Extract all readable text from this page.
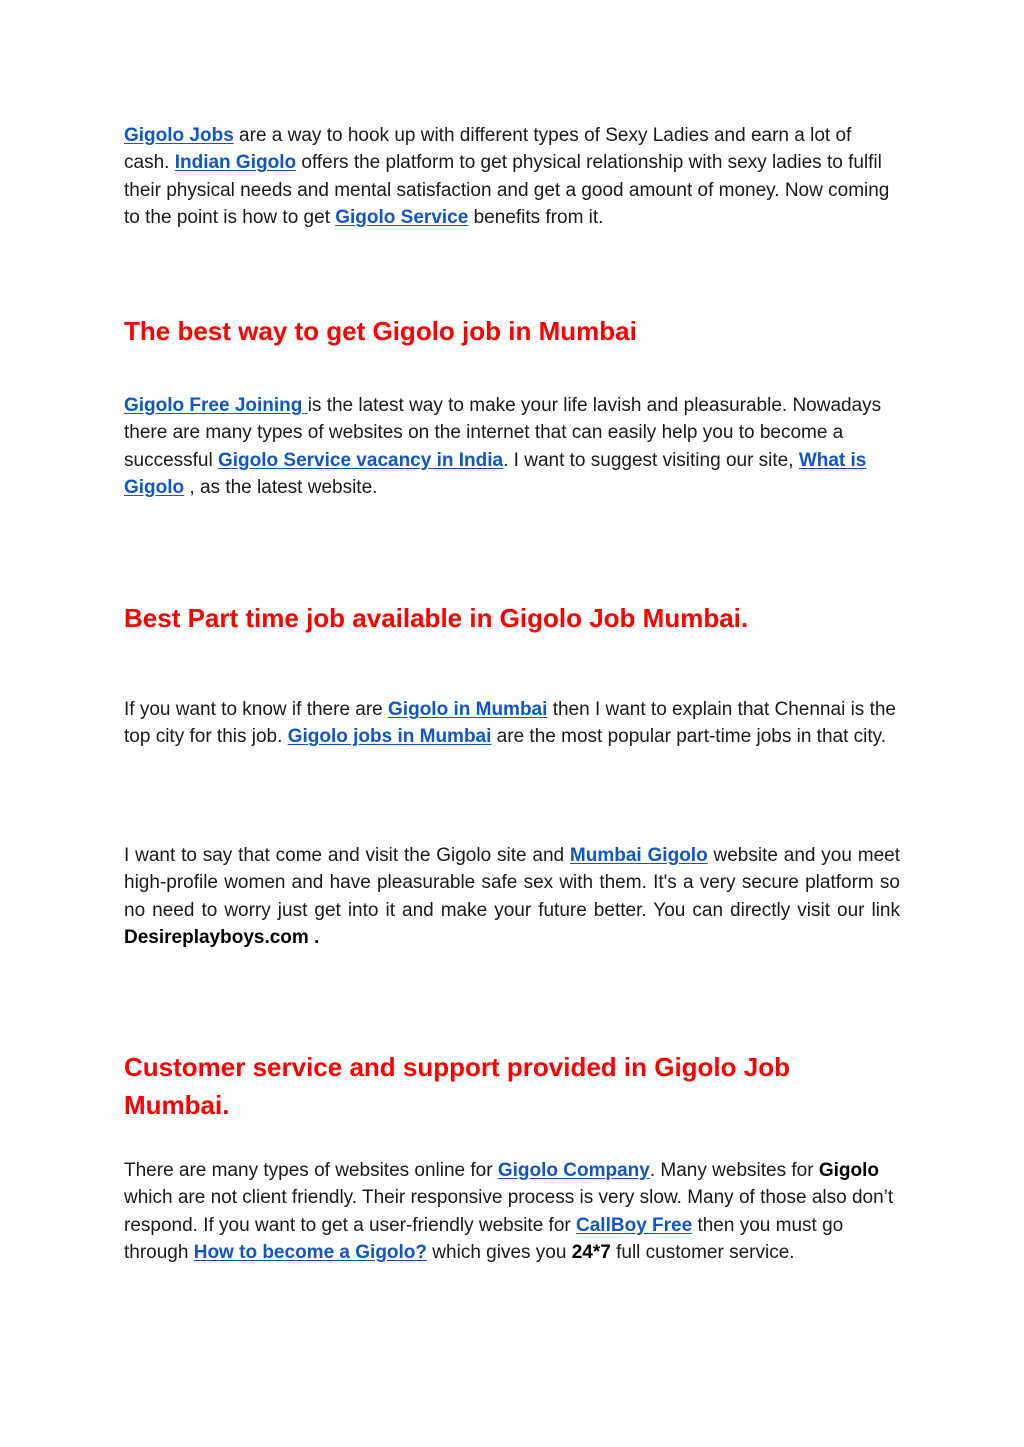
Gigolo Jobs are a way to hook up with different types of Sexy Ladies and earn a lot of cash. Indian Gigolo offers the platform to get physical relationship with sexy ladies to fulfil their physical needs and mental satisfaction and get a good amount of money. Now coming to the point is how to get Gigolo Service benefits from it.

The best way to get Gigolo job in Mumbai

Gigolo Free Joining is the latest way to make your life lavish and pleasurable. Nowadays there are many types of websites on the internet that can easily help you to become a successful Gigolo Service vacancy in India. I want to suggest visiting our site, What is Gigolo , as the latest website.

Best Part time job available in Gigolo Job Mumbai.

If you want to know if there are Gigolo in Mumbai then I want to explain that Chennai is the top city for this job. Gigolo jobs in Mumbai are the most popular part-time jobs in that city.

I want to say that come and visit the Gigolo site and Mumbai Gigolo website and you meet high-profile women and have pleasurable safe sex with them. It's a very secure platform so no need to worry just get into it and make your future better. You can directly visit our link Desireplayboys.com .

Customer service and support provided in Gigolo Job Mumbai.

There are many types of websites online for Gigolo Company. Many websites for Gigolo which are not client friendly. Their responsive process is very slow. Many of those also don’t respond. If you want to get a user-friendly website for CallBoy Free then you must go through How to become a Gigolo? which gives you 24*7 full customer service.
